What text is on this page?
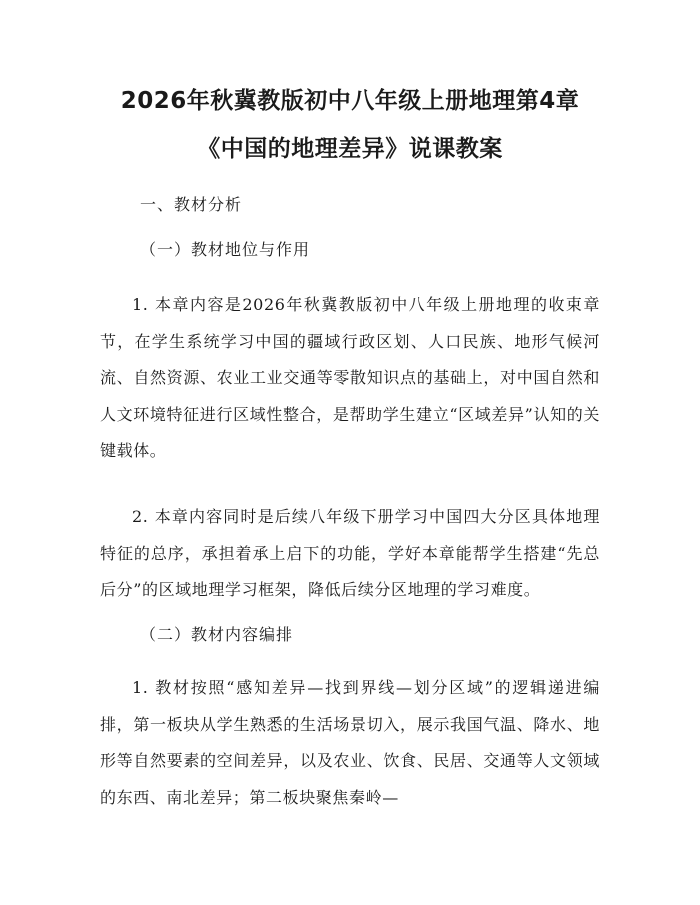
2026年秋冀教版初中八年级上册地理第4章
《中国的地理差异》说课教案
一、教材分析
（一）教材地位与作用

1. 本章内容是2026年秋冀教版初中八年级上册地理的收束章节，在学生系统学习中国的疆域行政区划、人口民族、地形气候河流、自然资源、农业工业交通等零散知识点的基础上，对中国自然和人文环境特征进行区域性整合，是帮助学生建立“区域差异”认知的关键载体。

2. 本章内容同时是后续八年级下册学习中国四大分区具体地理特征的总序，承担着承上启下的功能，学好本章能帮学生搭建“先总后分”的区域地理学习框架，降低后续分区地理的学习难度。

（二）教材内容编排

1. 教材按照“感知差异—找到界线—划分区域”的逻辑递进编排，第一板块从学生熟悉的生活场景切入，展示我国气温、降水、地形等自然要素的空间差异，以及农业、饮食、民居、交通等人文领域的东西、南北差异；第二板块聚焦秦岭—
